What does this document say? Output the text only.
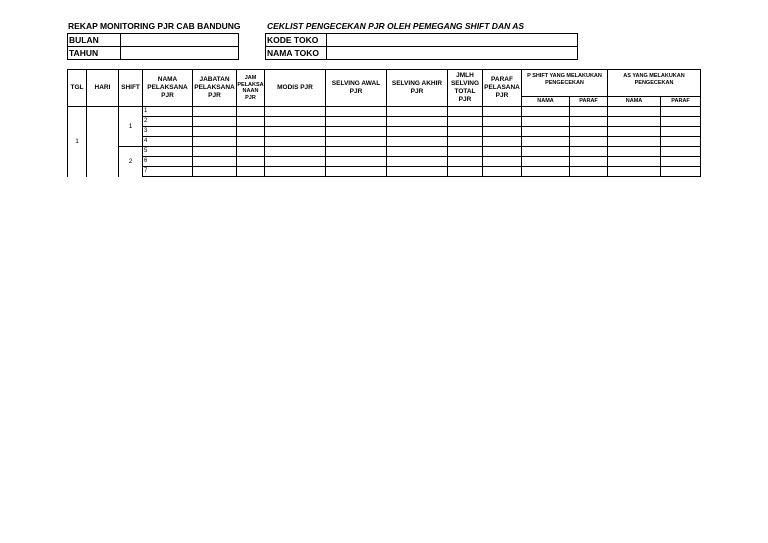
REKAP MONITORING PJR CAB BANDUNG	CEKLIST PENGECEKAN PJR OLEH PEMEGANG SHIFT DAN AS
BULAN	
TAHUN	
KODE TOKO	
NAMA TOKO	
TGL	HARI	SHIFT	NAMA PELAKSANA PJR	JABATAN PELAKSANA PJR	JAM PELAKSA NAAN PJR	MODIS PJR	SELVING AWAL PJR	SELVING AKHIR PJR	JMLH SELVING TOTAL PJR	PARAF PELASANA PJR	P SHIFT YANG MELAKUKAN PENGECEKAN		AS YANG MELAKUKAN PENGECEKAN	
											NAMA	PARAF	NAMA	PARAF
1		1	1											
			2											
			3											
			4											
		2	5											
			6											
			7											
